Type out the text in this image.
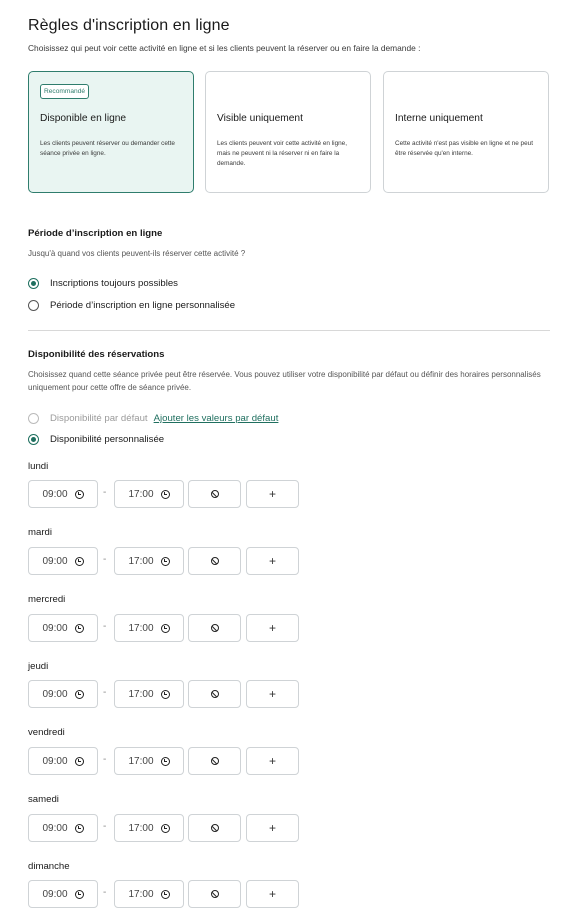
Règles d'inscription en ligne
Choisissez qui peut voir cette activité en ligne et si les clients peuvent la réserver ou en faire la demande :
Recommandé
Disponible en ligne
Les clients peuvent réserver ou demander cette séance privée en ligne.
Visible uniquement
Les clients peuvent voir cette activité en ligne, mais ne peuvent ni la réserver ni en faire la demande.
Interne uniquement
Cette activité n'est pas visible en ligne et ne peut être réservée qu'en interne.
Période d’inscription en ligne
Jusqu'à quand vos clients peuvent-ils réserver cette activité ?
Inscriptions toujours possibles
Période d’inscription en ligne personnalisée
Disponibilité des réservations
Choisissez quand cette séance privée peut être réservée. Vous pouvez utiliser votre disponibilité par défaut ou définir des horaires personnalisés uniquement pour cette offre de séance privée.
Disponibilité par défaut Ajouter les valeurs par défaut
Disponibilité personnalisée
lundi
09:00	- 17:00	+
mardi
09:00	- 17:00	+
mercredi
09:00	- 17:00	+
jeudi
09:00	- 17:00	+
vendredi
09:00	- 17:00	+
samedi
09:00	- 17:00	+
dimanche
09:00	- 17:00	+
